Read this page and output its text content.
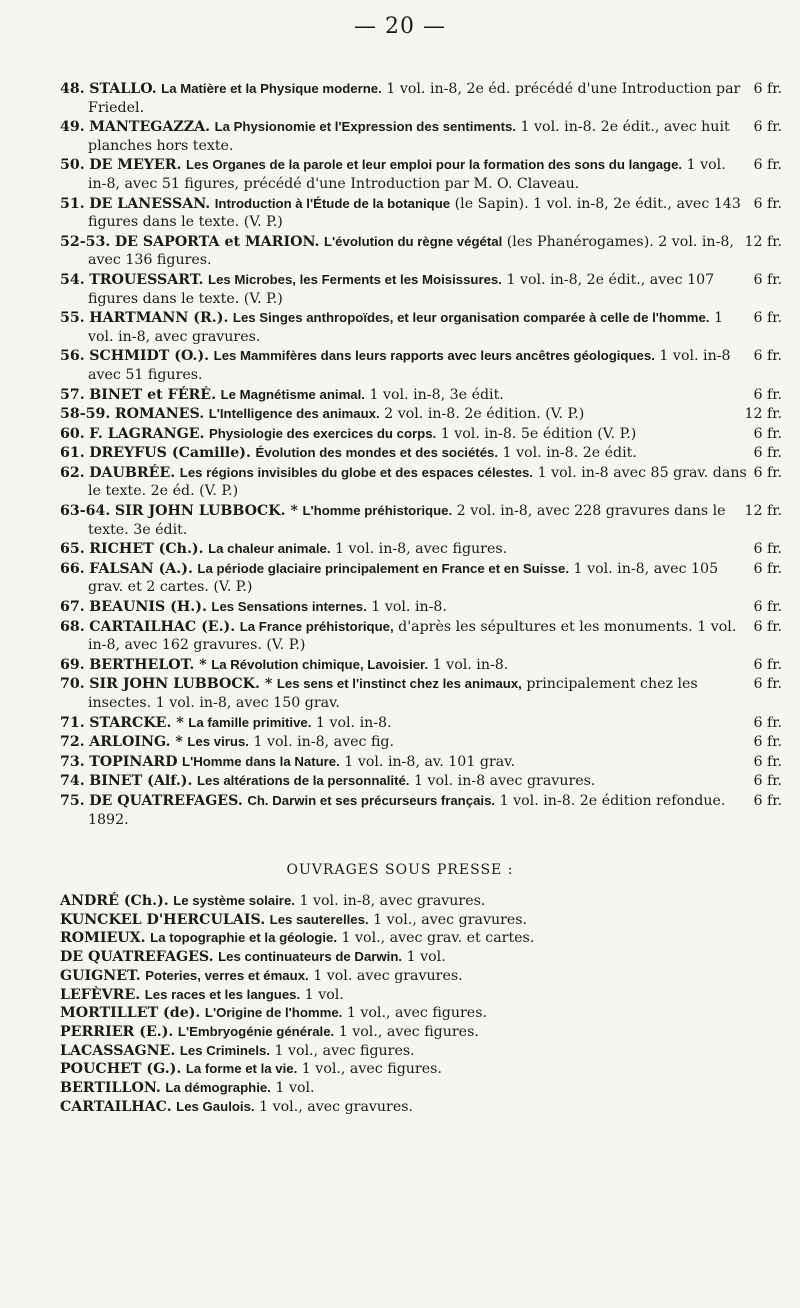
— 20 —
6 fr.
48. STALLO. La Matière et la Physique moderne. 1 vol. in-8, 2e éd. précédé d'une Introduction par Friedel.
6 fr.
49. MANTEGAZZA. La Physionomie et l'Expression des sentiments. 1 vol. in-8. 2e édit., avec huit planches hors texte.
6 fr.
50. DE MEYER. Les Organes de la parole et leur emploi pour la formation des sons du langage. 1 vol. in-8, avec 51 figures, précédé d'une Introduction par M. O. Claveau.
6 fr.
51. DE LANESSAN. Introduction à l'Étude de la botanique (le Sapin). 1 vol. in-8, 2e édit., avec 143 figures dans le texte. (V. P.)
12 fr.
52-53. DE SAPORTA et MARION. L'évolution du règne végétal (les Phanérogames). 2 vol. in-8, avec 136 figures.
6 fr.
54. TROUESSART. Les Microbes, les Ferments et les Moisissures. 1 vol. in-8, 2e édit., avec 107 figures dans le texte. (V. P.)
6 fr.
55. HARTMANN (R.). Les Singes anthropoïdes, et leur organisation comparée à celle de l'homme. 1 vol. in-8, avec gravures.
6 fr.
56. SCHMIDT (O.). Les Mammifères dans leurs rapports avec leurs ancêtres géologiques. 1 vol. in-8 avec 51 figures.
6 fr.
57. BINET et FÉRÉ. Le Magnétisme animal. 1 vol. in-8, 3e édit.
12 fr.
58-59. ROMANES. L'Intelligence des animaux. 2 vol. in-8. 2e édition. (V. P.)
6 fr.
60. F. LAGRANGE. Physiologie des exercices du corps. 1 vol. in-8. 5e édition (V. P.)
6 fr.
61. DREYFUS (Camille). Évolution des mondes et des sociétés. 1 vol. in-8. 2e édit.
6 fr.
62. DAUBRÉE. Les régions invisibles du globe et des espaces célestes. 1 vol. in-8 avec 85 grav. dans le texte. 2e éd. (V. P.)
12 fr.
63-64. SIR JOHN LUBBOCK. * L'homme préhistorique. 2 vol. in-8, avec 228 gravures dans le texte. 3e édit.
6 fr.
65. RICHET (Ch.). La chaleur animale. 1 vol. in-8, avec figures.
6 fr.
66. FALSAN (A.). La période glaciaire principalement en France et en Suisse. 1 vol. in-8, avec 105 grav. et 2 cartes. (V. P.)
6 fr.
67. BEAUNIS (H.). Les Sensations internes. 1 vol. in-8.
6 fr.
68. CARTAILHAC (E.). La France préhistorique, d'après les sépultures et les monuments. 1 vol. in-8, avec 162 gravures. (V. P.)
6 fr.
69. BERTHELOT. * La Révolution chimique, Lavoisier. 1 vol. in-8.
6 fr.
70. SIR JOHN LUBBOCK. * Les sens et l'instinct chez les animaux, principalement chez les insectes. 1 vol. in-8, avec 150 grav.
6 fr.
71. STARCKE. * La famille primitive. 1 vol. in-8.
6 fr.
72. ARLOING. * Les virus. 1 vol. in-8, avec fig.
6 fr.
73. TOPINARD L'Homme dans la Nature. 1 vol. in-8, av. 101 grav.
6 fr.
74. BINET (Alf.). Les altérations de la personnalité. 1 vol. in-8 avec gravures.
6 fr.
75. DE QUATREFAGES. Ch. Darwin et ses précurseurs français. 1 vol. in-8. 2e édition refondue. 1892.
OUVRAGES SOUS PRESSE :
ANDRÉ (Ch.). Le système solaire. 1 vol. in-8, avec gravures.
KUNCKEL D'HERCULAIS. Les sauterelles. 1 vol., avec gravures.
ROMIEUX. La topographie et la géologie. 1 vol., avec grav. et cartes.
DE QUATREFAGES. Les continuateurs de Darwin. 1 vol.
GUIGNET. Poteries, verres et émaux. 1 vol. avec gravures.
LEFÈVRE. Les races et les langues. 1 vol.
MORTILLET (de). L'Origine de l'homme. 1 vol., avec figures.
PERRIER (E.). L'Embryogénie générale. 1 vol., avec figures.
LACASSAGNE. Les Criminels. 1 vol., avec figures.
POUCHET (G.). La forme et la vie. 1 vol., avec figures.
BERTILLON. La démographie. 1 vol.
CARTAILHAC. Les Gaulois. 1 vol., avec gravures.
